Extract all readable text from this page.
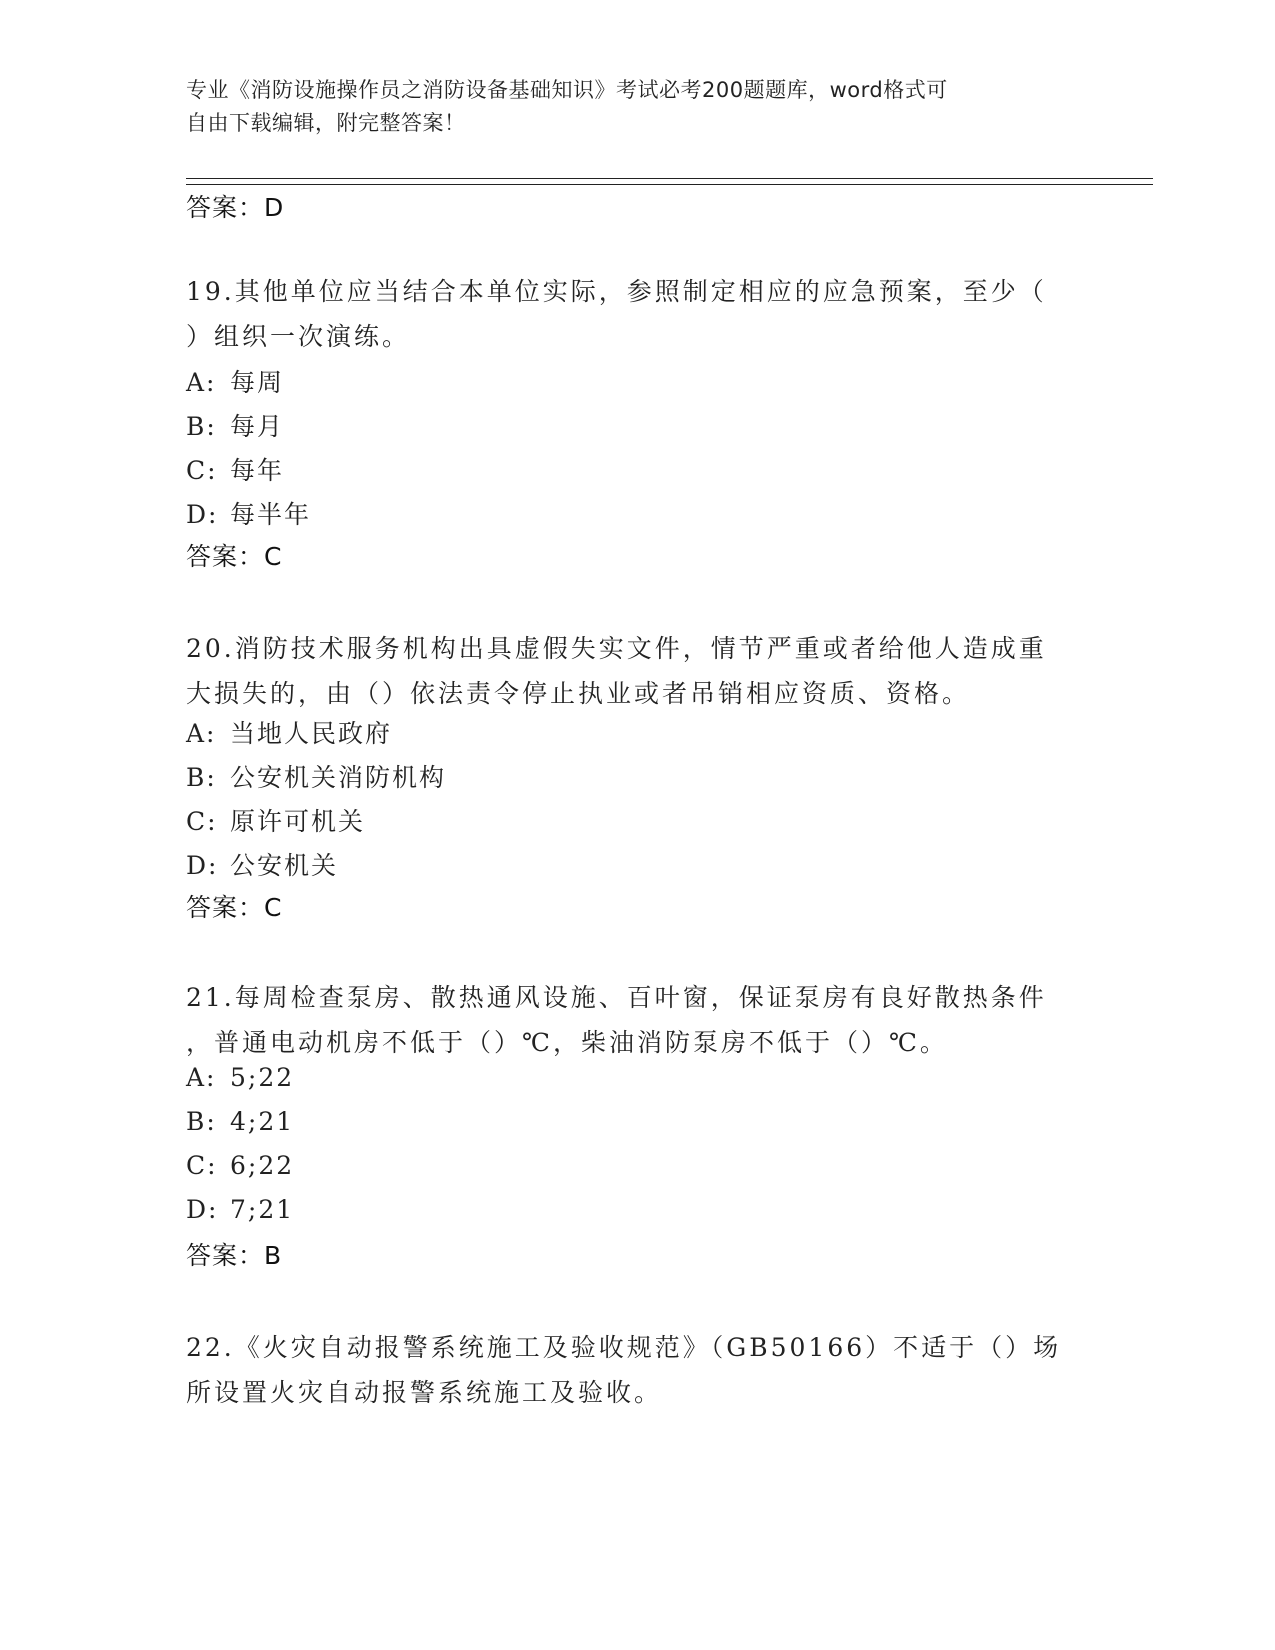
专业《消防设施操作员之消防设备基础知识》考试必考200题题库，word格式可
自由下载编辑，附完整答案！
答案：D
19.其他单位应当结合本单位实际，参照制定相应的应急预案，至少（
）组织一次演练。
A: 每周
B: 每月
C: 每年
D: 每半年
答案：C
20.消防技术服务机构出具虚假失实文件，情节严重或者给他人造成重
大损失的，由（）依法责令停止执业或者吊销相应资质、资格。
A: 当地人民政府
B: 公安机关消防机构
C: 原许可机关
D: 公安机关
答案：C
21.每周检查泵房、散热通风设施、百叶窗，保证泵房有良好散热条件
，普通电动机房不低于（）℃，柴油消防泵房不低于（）℃。
A: 5;22
B: 4;21
C: 6;22
D: 7;21
答案：B
22.《火灾自动报警系统施工及验收规范》（GB50166）不适于（）场
所设置火灾自动报警系统施工及验收。
